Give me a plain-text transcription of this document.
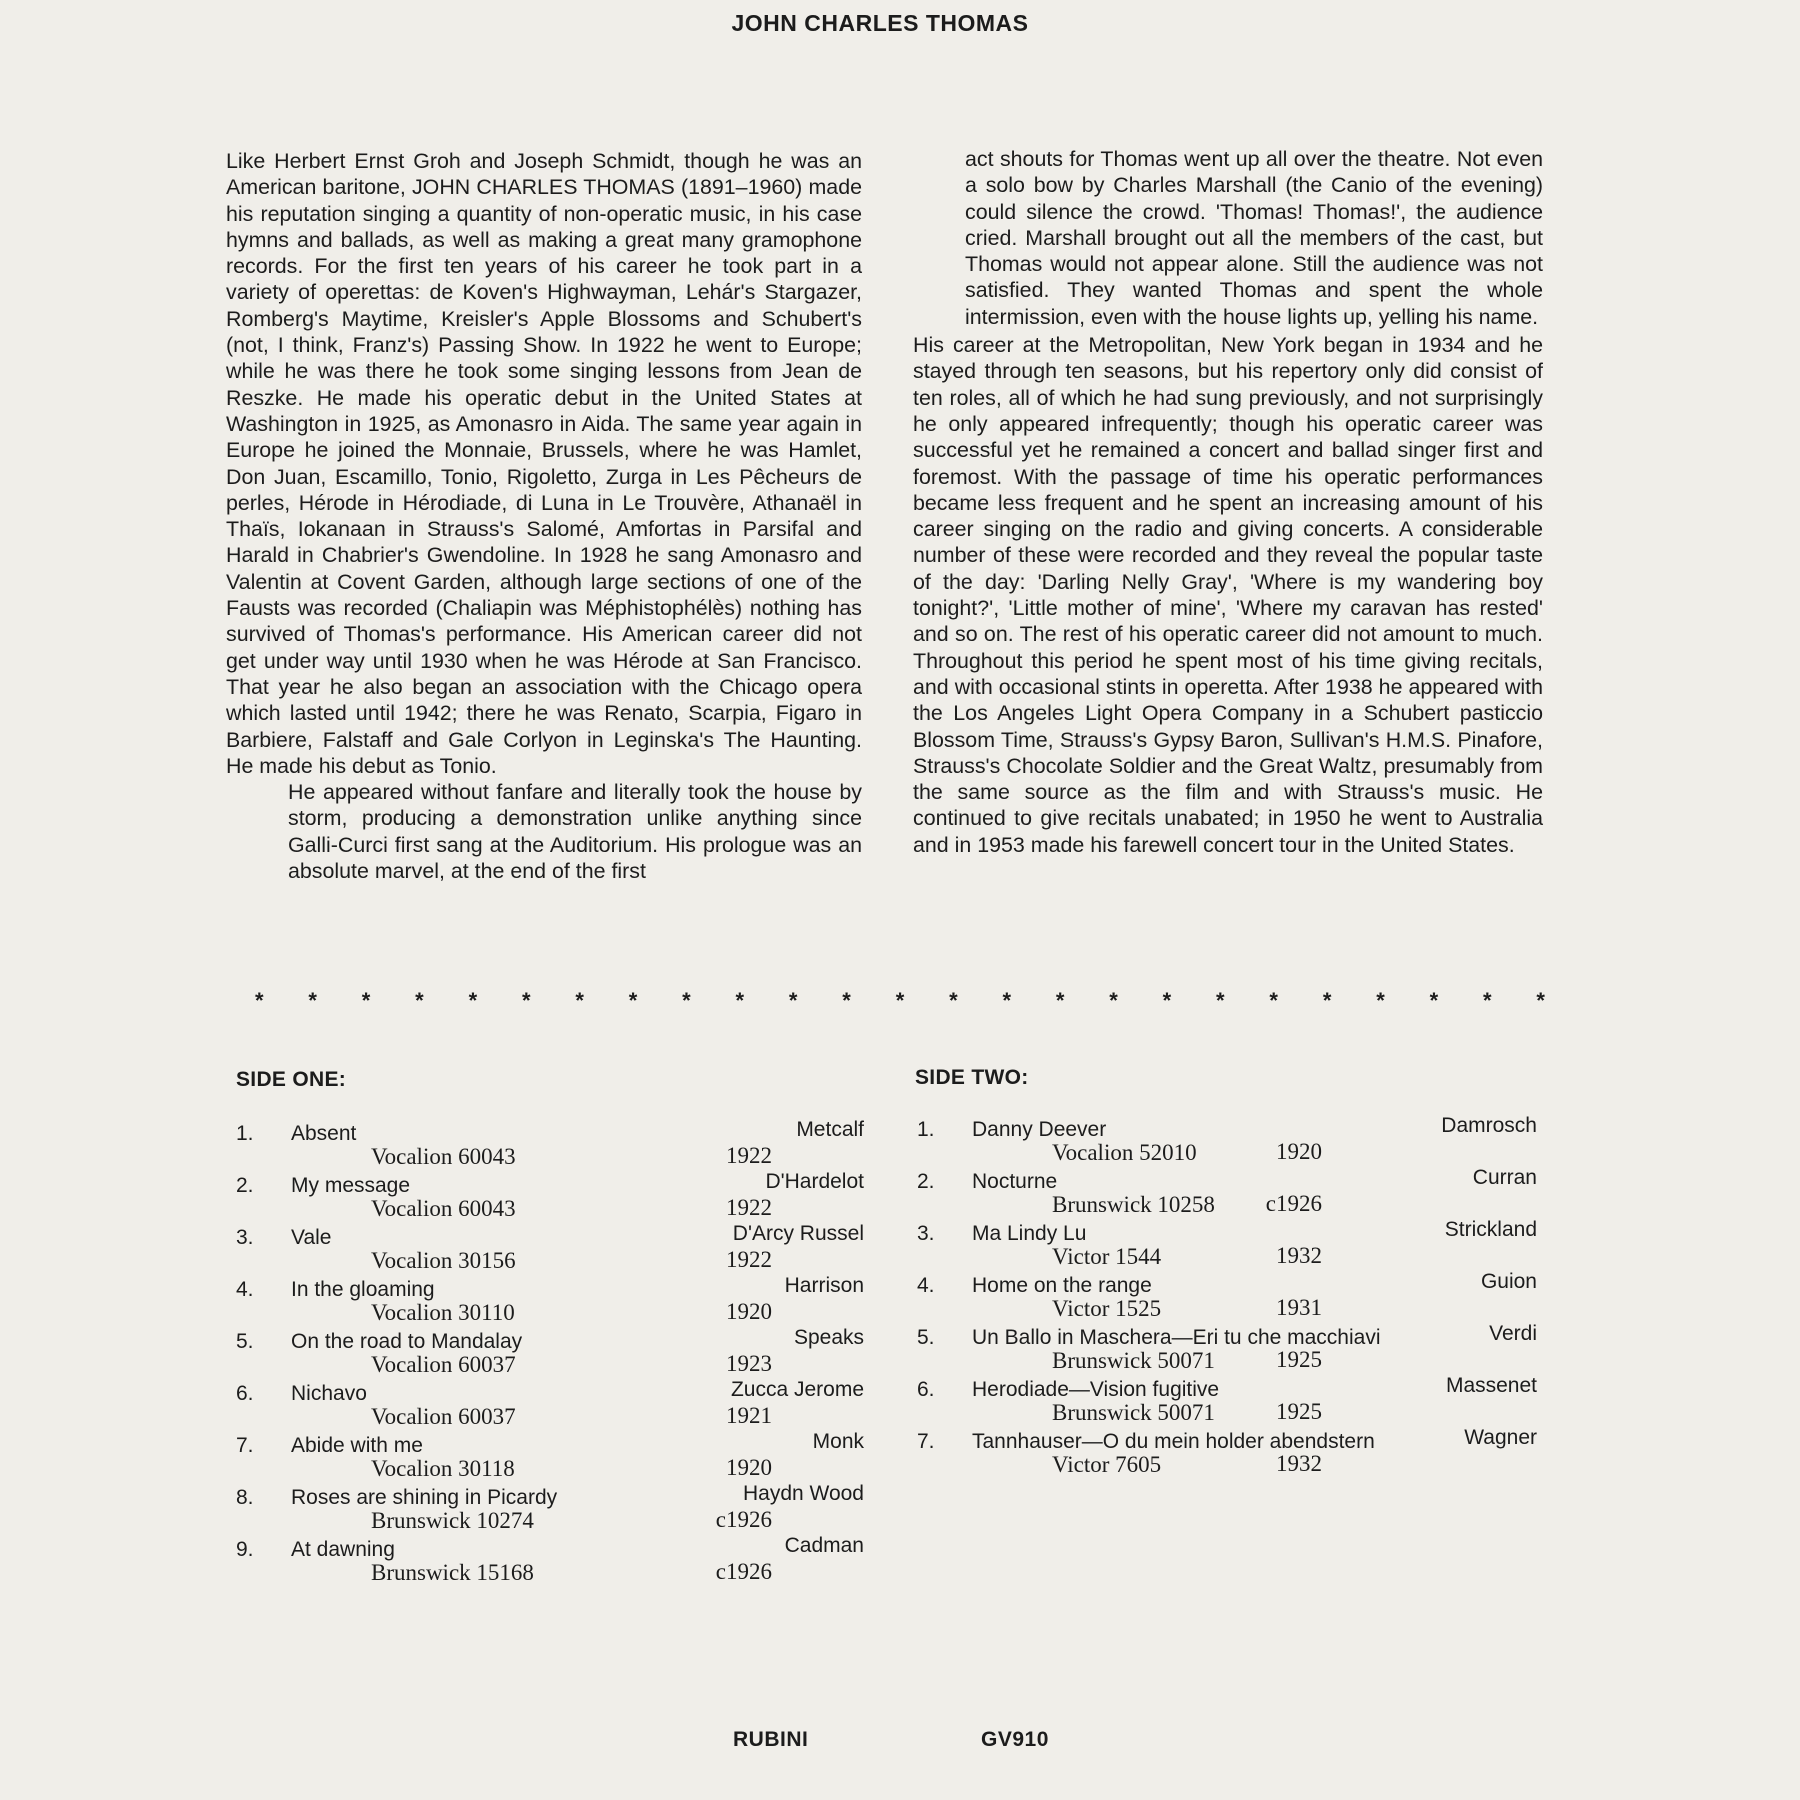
JOHN CHARLES THOMAS

Like Herbert Ernst Groh and Joseph Schmidt, though he was an American baritone, JOHN CHARLES THOMAS (1891–1960) made his reputation singing a quantity of non-operatic music, in his case hymns and ballads, as well as making a great many gramophone records. For the first ten years of his career he took part in a variety of operettas: de Koven's Highwayman, Lehár's Stargazer, Romberg's Maytime, Kreisler's Apple Blossoms and Schubert's (not, I think, Franz's) Passing Show. In 1922 he went to Europe; while he was there he took some singing lessons from Jean de Reszke. He made his operatic debut in the United States at Washington in 1925, as Amonasro in Aida. The same year again in Europe he joined the Monnaie, Brussels, where he was Hamlet, Don Juan, Escamillo, Tonio, Rigoletto, Zurga in Les Pêcheurs de perles, Hérode in Hérodiade, di Luna in Le Trouvère, Athanaël in Thaïs, Iokanaan in Strauss's Salomé, Amfortas in Parsifal and Harald in Chabrier's Gwendoline. In 1928 he sang Amonasro and Valentin at Covent Garden, although large sections of one of the Fausts was recorded (Chaliapin was Méphistophélès) nothing has survived of Thomas's performance. His American career did not get under way until 1930 when he was Hérode at San Francisco. That year he also began an association with the Chicago opera which lasted until 1942; there he was Renato, Scarpia, Figaro in Barbiere, Falstaff and Gale Corlyon in Leginska's The Haunting. He made his debut as Tonio.

He appeared without fanfare and literally took the house by storm, producing a demonstration unlike anything since Galli-Curci first sang at the Auditorium. His prologue was an absolute marvel, at the end of the first

act shouts for Thomas went up all over the theatre. Not even a solo bow by Charles Marshall (the Canio of the evening) could silence the crowd. 'Thomas! Thomas!', the audience cried. Marshall brought out all the members of the cast, but Thomas would not appear alone. Still the audience was not satisfied. They wanted Thomas and spent the whole intermission, even with the house lights up, yelling his name.

His career at the Metropolitan, New York began in 1934 and he stayed through ten seasons, but his repertory only did consist of ten roles, all of which he had sung previously, and not surprisingly he only appeared infrequently; though his operatic career was successful yet he remained a concert and ballad singer first and foremost. With the passage of time his operatic performances became less frequent and he spent an increasing amount of his career singing on the radio and giving concerts. A considerable number of these were recorded and they reveal the popular taste of the day: 'Darling Nelly Gray', 'Where is my wandering boy tonight?', 'Little mother of mine', 'Where my caravan has rested' and so on. The rest of his operatic career did not amount to much. Throughout this period he spent most of his time giving recitals, and with occasional stints in operetta. After 1938 he appeared with the Los Angeles Light Opera Company in a Schubert pasticcio Blossom Time, Strauss's Gypsy Baron, Sullivan's H.M.S. Pinafore, Strauss's Chocolate Soldier and the Great Waltz, presumably from the same source as the film and with Strauss's music. He continued to give recitals unabated; in 1950 he went to Australia and in 1953 made his farewell concert tour in the United States.

* * * * * * * * * * * * * * * * * * * * * * * * *
SIDE ONE:	SIDE TWO:
1. Absent	Metcalf
Vocalion 60043	1922
2. My message	D'Hardelot
Vocalion 60043	1922
3. Vale	D'Arcy Russel
Vocalion 30156	1922
4. In the gloaming	Harrison
Vocalion 30110	1920
5. On the road to Mandalay	Speaks
Vocalion 60037	1923
6. Nichavo	Zucca Jerome
Vocalion 60037	1921
7. Abide with me	Monk
Vocalion 30118	1920
8. Roses are shining in Picardy	Haydn Wood
Brunswick 10274	c1926
9. At dawning	Cadman
Brunswick 15168	c1926
1. Danny Deever	Damrosch
Vocalion 52010	1920
2. Nocturne	Curran
Brunswick 10258	c1926
3. Ma Lindy Lu	Strickland
Victor 1544	1932
4. Home on the range	Guion
Victor 1525	1931
5. Un Ballo in Maschera—Eri tu che macchiavi	Verdi
Brunswick 50071	1925
6. Herodiade—Vision fugitive	Massenet
Brunswick 50071	1925
7. Tannhauser—O du mein holder abendstern	Wagner
Victor 7605	1932
RUBINI	GV910
